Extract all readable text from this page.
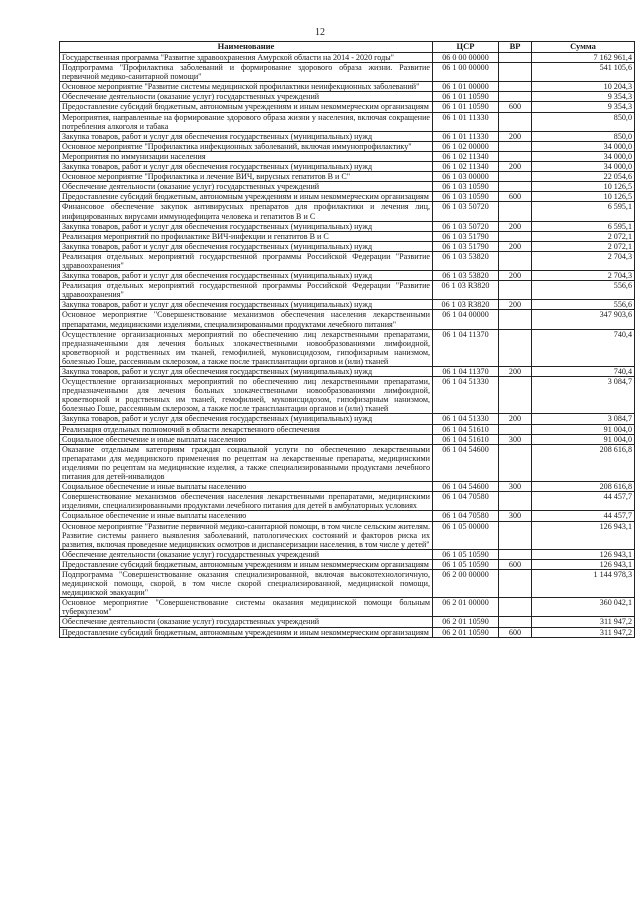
12
Наименование	ЦСР	ВР	Сумма
Государственная программа "Развитие здравоохранения Амурской области на 2014 - 2020 годы"	06 0 00 00000		7 162 961,4
Подпрограмма "Профилактика заболеваний и формирование здорового образа жизни. Развитие первичной медико-санитарной помощи"	06 1 00 00000		541 105,6
Основное мероприятие "Развитие системы медицинской профилактики неинфекционных заболеваний"	06 1 01 00000		10 204,3
Обеспечение деятельности (оказание услуг) государственных учреждений	06 1 01 10590		9 354,3
Предоставление субсидий бюджетным, автономным учреждениям и иным некоммерческим организациям	06 1 01 10590	600	9 354,3
Мероприятия, направленные на формирование здорового образа жизни у населения, включая сокращение потребления алкоголя и табака	06 1 01 11330		850,0
Закупка товаров, работ и услуг для обеспечения государственных (муниципальных) нужд	06 1 01 11330	200	850,0
Основное мероприятие "Профилактика инфекционных заболеваний, включая иммунопрофилактику"	06 1 02 00000		34 000,0
Мероприятия по иммунизации населения	06 1 02 11340		34 000,0
Закупка товаров, работ и услуг для обеспечения государственных (муниципальных) нужд	06 1 02 11340	200	34 000,0
Основное мероприятие "Профилактика и лечение ВИЧ, вирусных гепатитов В и С"	06 1 03 00000		22 054,6
Обеспечение деятельности (оказание услуг) государственных учреждений	06 1 03 10590		10 126,5
Предоставление субсидий бюджетным, автономным учреждениям и иным некоммерческим организациям	06 1 03 10590	600	10 126,5
Финансовое обеспечение закупок антивирусных препаратов для профилактики и лечения лиц, инфицированных вирусами иммунодефицита человека и гепатитов В и С	06 1 03 50720		6 595,1
Закупка товаров, работ и услуг для обеспечения государственных (муниципальных) нужд	06 1 03 50720	200	6 595,1
Реализация мероприятий по профилактике ВИЧ-инфекции и гепатитов В и С	06 1 03 51790		2 072,1
Закупка товаров, работ и услуг для обеспечения государственных (муниципальных) нужд	06 1 03 51790	200	2 072,1
Реализация отдельных мероприятий государственной программы Российской Федерации "Развитие здравоохранения"	06 1 03 53820		2 704,3
Закупка товаров, работ и услуг для обеспечения государственных (муниципальных) нужд	06 1 03 53820	200	2 704,3
Реализация отдельных мероприятий государственной программы Российской Федерации "Развитие здравоохранения"	06 1 03 R3820		556,6
Закупка товаров, работ и услуг для обеспечения государственных (муниципальных) нужд	06 1 03 R3820	200	556,6
Основное мероприятие "Совершенствование механизмов обеспечения населения лекарственными препаратами, медицинскими изделиями, специализированными продуктами лечебного питания"	06 1 04 00000		347 903,6
Осуществление организационных мероприятий по обеспечению лиц лекарственными препаратами, предназначенными для лечения больных злокачественными новообразованиями лимфоидной, кроветворной и родственных им тканей, гемофилией, муковисцидозом, гипофизарным нанизмом, болезнью Гоше, рассеянным склерозом, а также после трансплантации органов и (или) тканей	06 1 04 11370		740,4
Закупка товаров, работ и услуг для обеспечения государственных (муниципальных) нужд	06 1 04 11370	200	740,4
Осуществление организационных мероприятий по обеспечению лиц лекарственными препаратами, предназначенными для лечения больных злокачественными новообразованиями лимфоидной, кроветворной и родственных им тканей, гемофилией, муковисцидозом, гипофизарным нанизмом, болезнью Гоше, рассеянным склерозом, а также после трансплантации органов и (или) тканей	06 1 04 51330		3 084,7
Закупка товаров, работ и услуг для обеспечения государственных (муниципальных) нужд	06 1 04 51330	200	3 084,7
Реализация отдельных полномочий в области лекарственного обеспечения	06 1 04 51610		91 004,0
Социальное обеспечение и иные выплаты населению	06 1 04 51610	300	91 004,0
Оказание отдельным категориям граждан социальной услуги по обеспечению лекарственными препаратами для медицинского применения по рецептам на лекарственные препараты, медицинскими изделиями по рецептам на медицинские изделия, а также специализированными продуктами лечебного питания для детей-инвалидов	06 1 04 54600		208 616,8
Социальное обеспечение и иные выплаты населению	06 1 04 54600	300	208 616,8
Совершенствование механизмов обеспечения населения лекарственными препаратами, медицинскими изделиями, специализированными продуктами лечебного питания для детей в амбулаторных условиях	06 1 04 70580		44 457,7
Социальное обеспечение и иные выплаты населению	06 1 04 70580	300	44 457,7
Основное мероприятие "Развитие первичной медико-санитарной помощи, в том числе сельским жителям. Развитие системы раннего выявления заболеваний, патологических состояний и факторов риска их развития, включая проведение медицинских осмотров и диспансеризации населения, в том числе у детей"	06 1 05 00000		126 943,1
Обеспечение деятельности (оказание услуг) государственных учреждений	06 1 05 10590		126 943,1
Предоставление субсидий бюджетным, автономным учреждениям и иным некоммерческим организациям	06 1 05 10590	600	126 943,1
Подпрограмма "Совершенствование оказания специализированной, включая высокотехнологичную, медицинской помощи, скорой, в том числе скорой специализированной, медицинской помощи, медицинской эвакуации"	06 2 00 00000		1 144 978,3
Основное мероприятие "Совершенствование системы оказания медицинской помощи больным туберкулезом"	06 2 01 00000		360 042,1
Обеспечение деятельности (оказание услуг) государственных учреждений	06 2 01 10590		311 947,2
Предоставление субсидий бюджетным, автономным учреждениям и иным некоммерческим организациям	06 2 01 10590	600	311 947,2
